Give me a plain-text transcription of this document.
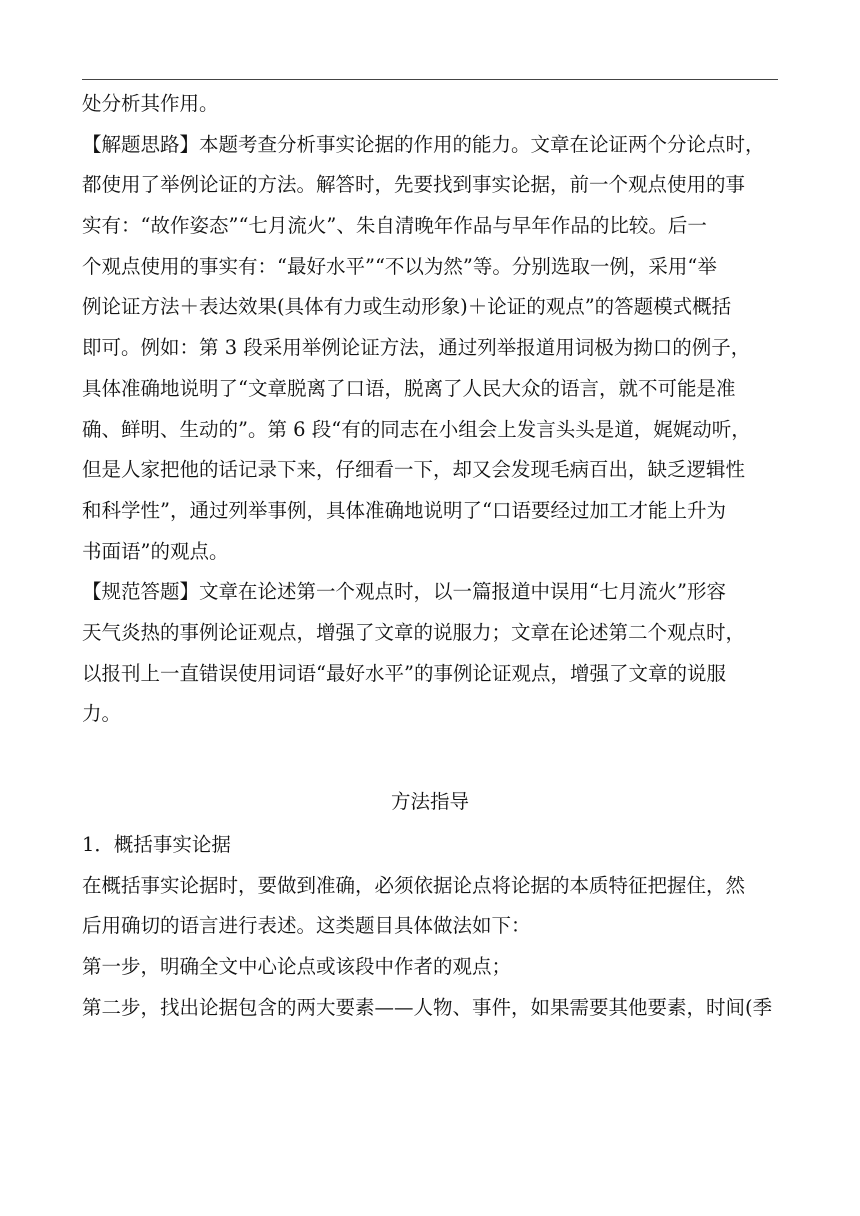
处分析其作用。
【解题思路】本题考查分析事实论据的作用的能力。文章在论证两个分论点时，
都使用了举例论证的方法。解答时，先要找到事实论据，前一个观点使用的事
实有：“故作姿态”“七月流火”、朱自清晚年作品与早年作品的比较。后一
个观点使用的事实有：“最好水平”“不以为然”等。分别选取一例，采用“举
例论证方法＋表达效果(具体有力或生动形象)＋论证的观点”的答题模式概括
即可。例如：第 3 段采用举例论证方法，通过列举报道用词极为拗口的例子，
具体准确地说明了“文章脱离了口语，脱离了人民大众的语言，就不可能是准
确、鲜明、生动的”。第 6 段“有的同志在小组会上发言头头是道，娓娓动听，
但是人家把他的话记录下来，仔细看一下，却又会发现毛病百出，缺乏逻辑性
和科学性”，通过列举事例，具体准确地说明了“口语要经过加工才能上升为
书面语”的观点。
【规范答题】文章在论述第一个观点时，以一篇报道中误用“七月流火”形容
天气炎热的事例论证观点，增强了文章的说服力；文章在论述第二个观点时，
以报刊上一直错误使用词语“最好水平”的事例论证观点，增强了文章的说服
力。
方法指导
1．概括事实论据
在概括事实论据时，要做到准确，必须依据论点将论据的本质特征把握住，然
后用确切的语言进行表述。这类题目具体做法如下：
第一步，明确全文中心论点或该段中作者的观点；
第二步，找出论据包含的两大要素——人物、事件，如果需要其他要素，时间(季
